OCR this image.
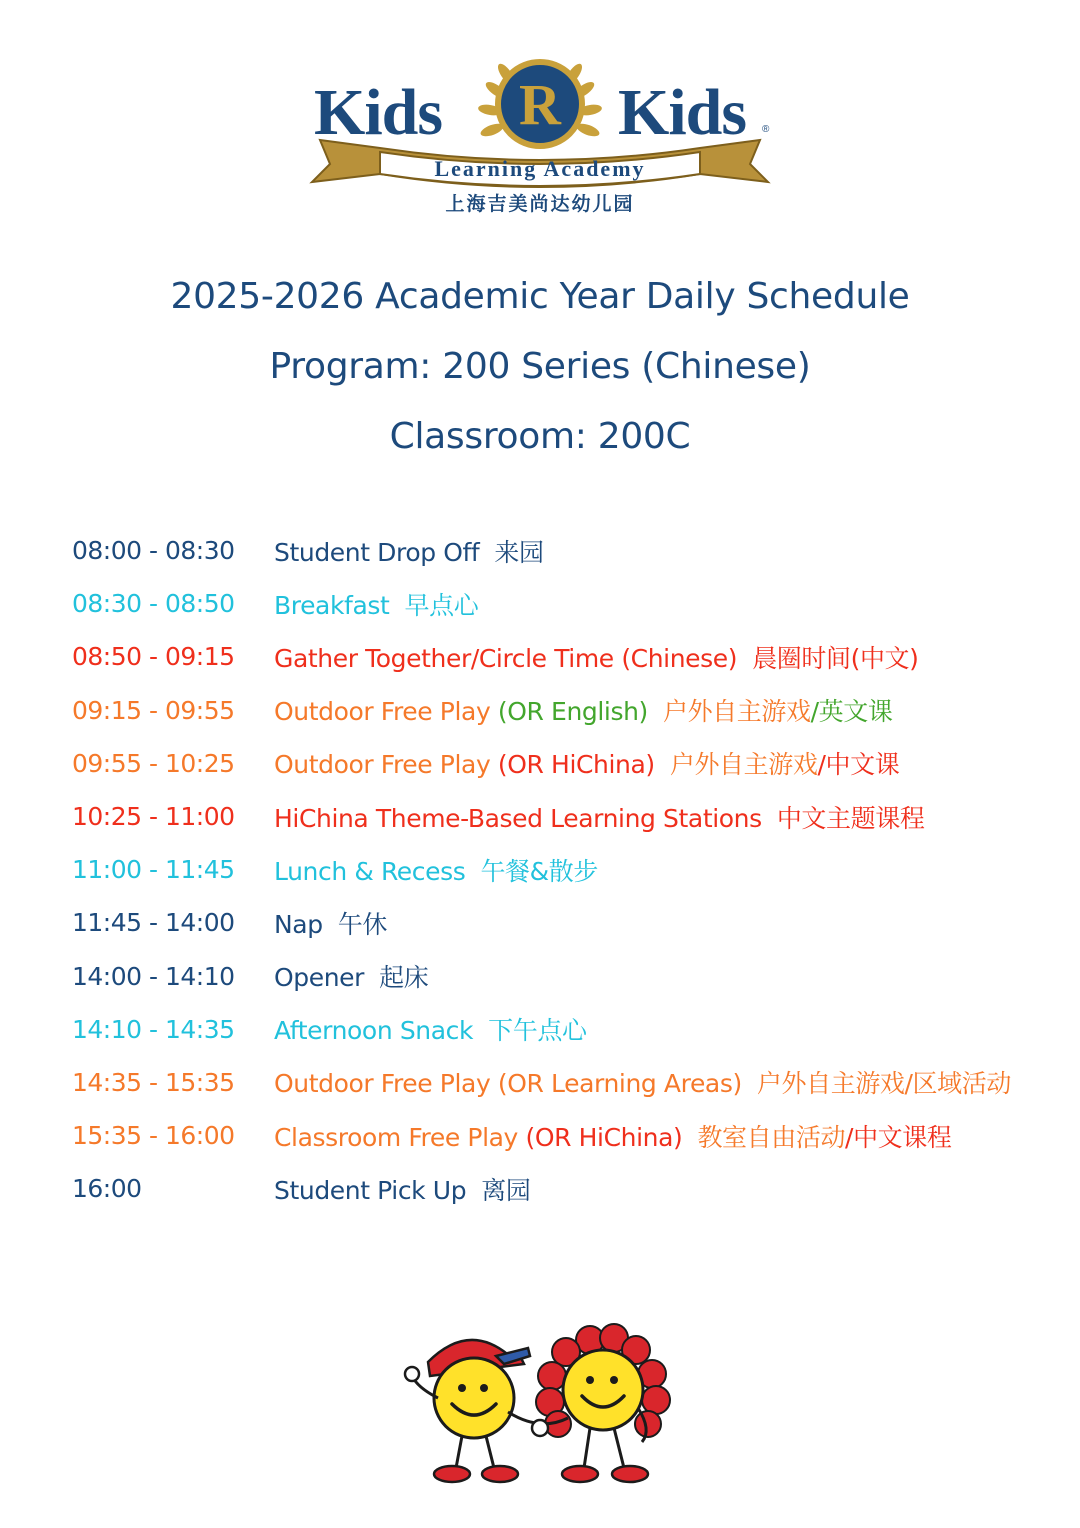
Learning Academy
R
Kids	Kids ®
上海吉美尚达幼儿园
2025-2026 Academic Year Daily Schedule
Program: 200 Series (Chinese)
Classroom: 200C
08:00 - 08:30	Student Drop Off  来园
08:30 - 08:50	Breakfast  早点心
08:50 - 09:15	Gather Together/Circle Time (Chinese)  晨圈时间(中文)
09:15 - 09:55	Outdoor Free Play (OR English)  户外自主游戏/英文课
09:55 - 10:25	Outdoor Free Play (OR HiChina)  户外自主游戏/中文课
10:25 - 11:00	HiChina Theme-Based Learning Stations  中文主题课程
11:00 - 11:45	Lunch & Recess  午餐&散步
11:45 - 14:00	Nap  午休
14:00 - 14:10	Opener  起床
14:10 - 14:35	Afternoon Snack  下午点心
14:35 - 15:35	Outdoor Free Play (OR Learning Areas)  户外自主游戏/区域活动
15:35 - 16:00	Classroom Free Play (OR HiChina)  教室自由活动/中文课程
16:00	Student Pick Up  离园
